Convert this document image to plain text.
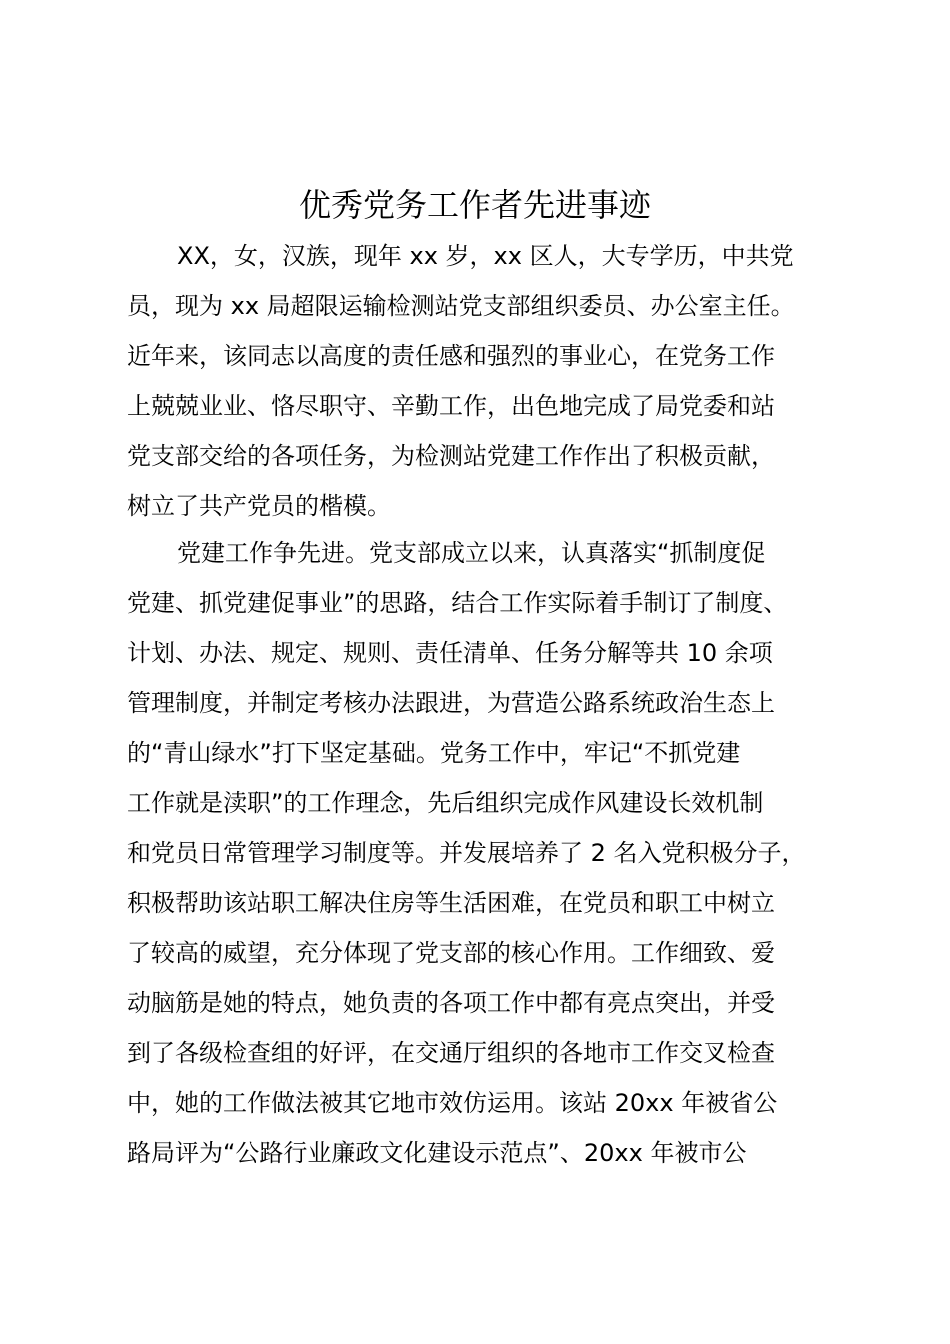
优秀党务工作者先进事迹
XX，女，汉族，现年 xx 岁，xx 区人，大专学历，中共党
员，现为 xx 局超限运输检测站党支部组织委员、办公室主任。
近年来，该同志以高度的责任感和强烈的事业心，在党务工作
上兢兢业业、恪尽职守、辛勤工作，出色地完成了局党委和站
党支部交给的各项任务，为检测站党建工作作出了积极贡献，
树立了共产党员的楷模。
党建工作争先进。党支部成立以来，认真落实“抓制度促
党建、抓党建促事业”的思路，结合工作实际着手制订了制度、
计划、办法、规定、规则、责任清单、任务分解等共 10 余项
管理制度，并制定考核办法跟进，为营造公路系统政治生态上
的“青山绿水”打下坚定基础。党务工作中，牢记“不抓党建
工作就是渎职”的工作理念，先后组织完成作风建设长效机制
和党员日常管理学习制度等。并发展培养了 2 名入党积极分子，
积极帮助该站职工解决住房等生活困难，在党员和职工中树立
了较高的威望，充分体现了党支部的核心作用。工作细致、爱
动脑筋是她的特点，她负责的各项工作中都有亮点突出，并受
到了各级检查组的好评，在交通厅组织的各地市工作交叉检查
中，她的工作做法被其它地市效仿运用。该站 20xx 年被省公
路局评为“公路行业廉政文化建设示范点”、20xx 年被市公
